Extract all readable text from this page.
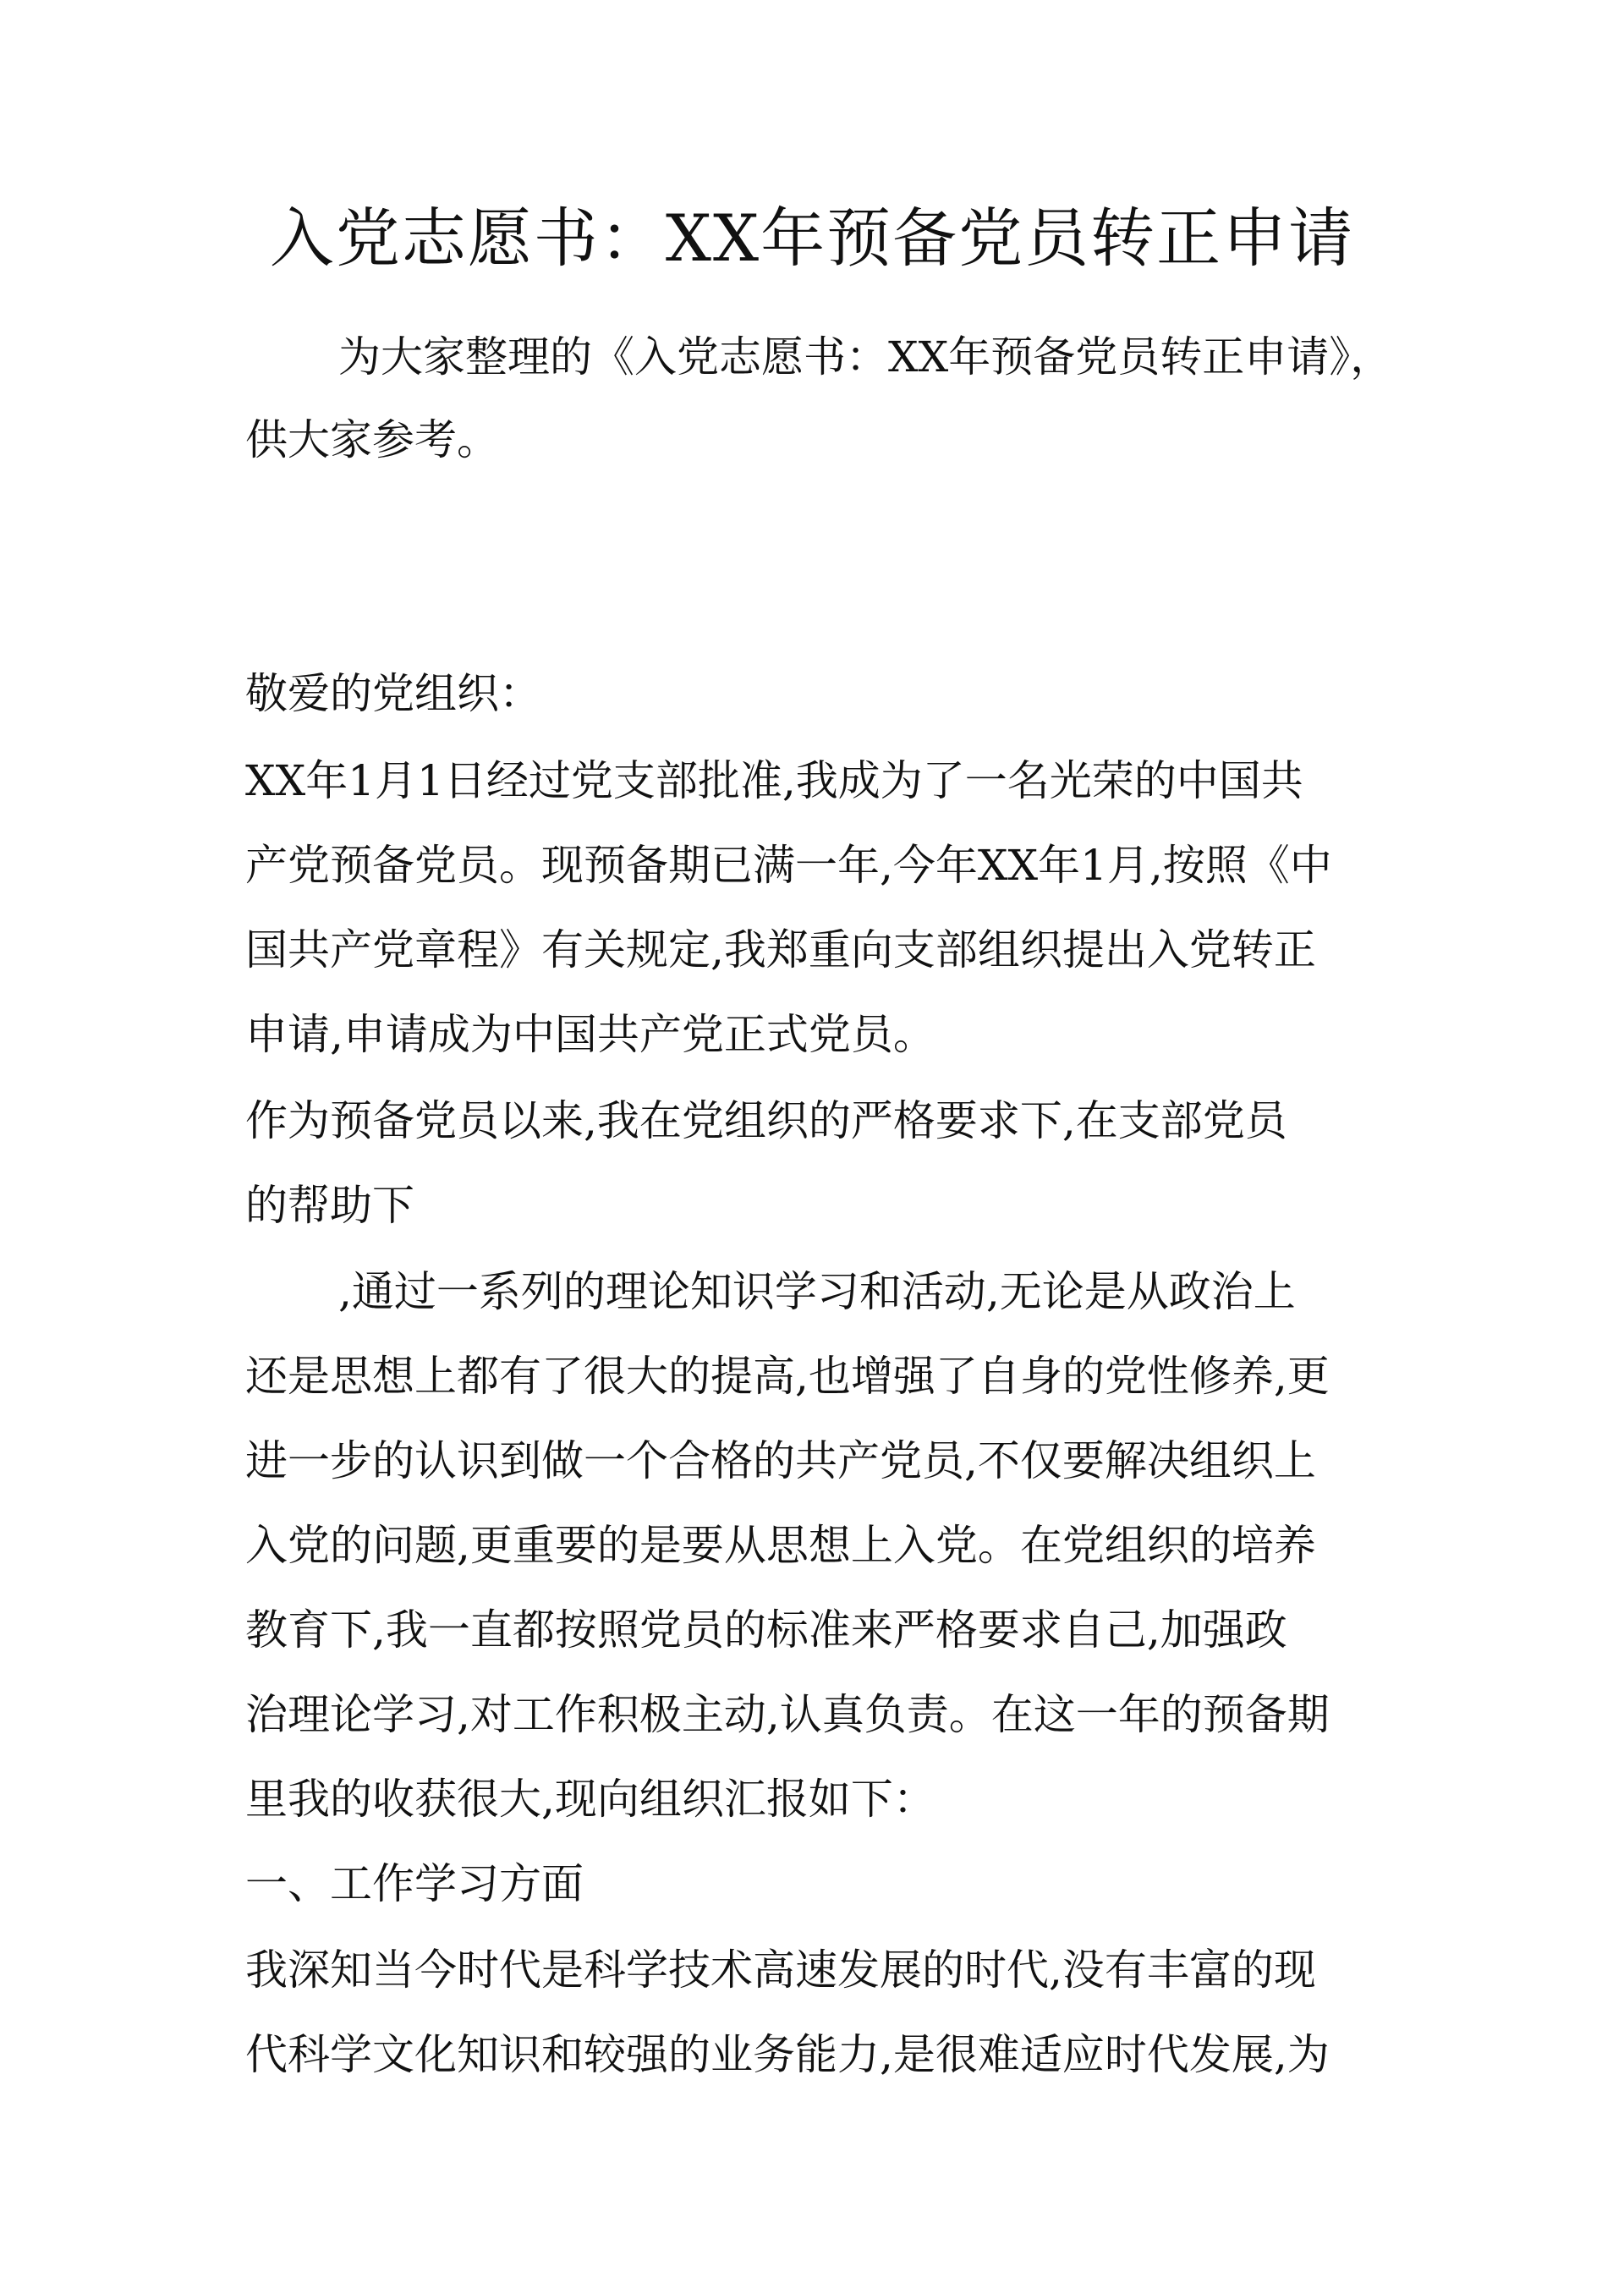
入党志愿书：XX年预备党员转正申请
为大家整理的《入党志愿书：XX年预备党员转正申请》，
供大家参考。
敬爱的党组织：
XX年1月1日经过党支部批准,我成为了一名光荣的中国共
产党预备党员。现预备期已满一年,今年XX年1月,按照《中
国共产党章程》有关规定,我郑重向支部组织提出入党转正
申请,申请成为中国共产党正式党员。
作为预备党员以来,我在党组织的严格要求下,在支部党员
的帮助下
,通过一系列的理论知识学习和活动,无论是从政治上
还是思想上都有了很大的提高,也增强了自身的党性修养,更
进一步的认识到做一个合格的共产党员,不仅要解决组织上
入党的问题,更重要的是要从思想上入党。在党组织的培养
教育下,我一直都按照党员的标准来严格要求自己,加强政
治理论学习,对工作积极主动,认真负责。在这一年的预备期
里我的收获很大,现向组织汇报如下：
一、工作学习方面
我深知当今时代是科学技术高速发展的时代,没有丰富的现
代科学文化知识和较强的业务能力,是很难适应时代发展,为
